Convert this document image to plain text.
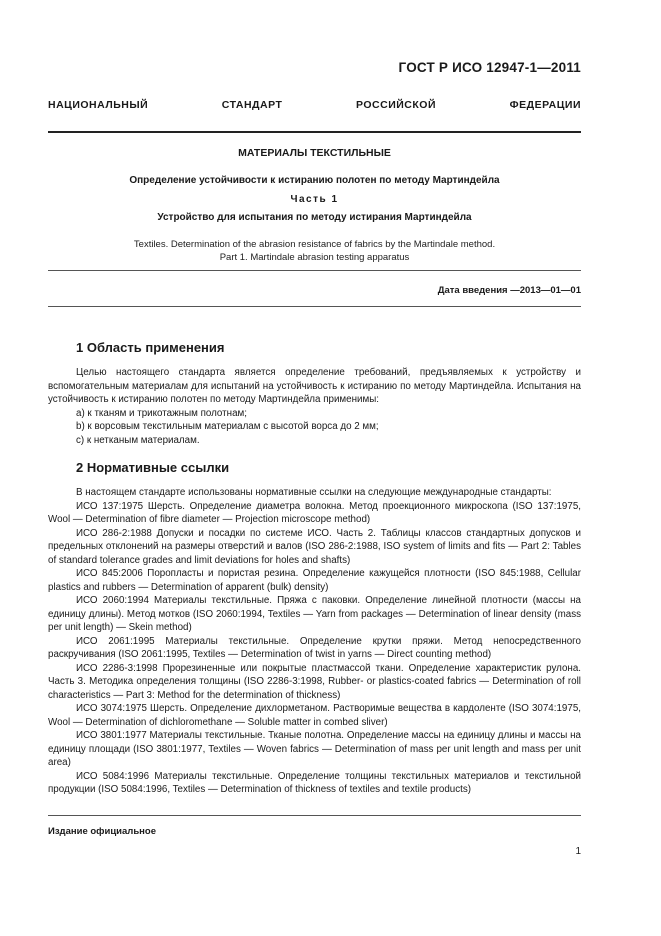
ГОСТ Р ИСО 12947-1—2011
НАЦИОНАЛЬНЫЙ СТАНДАРТ РОССИЙСКОЙ ФЕДЕРАЦИИ
МАТЕРИАЛЫ ТЕКСТИЛЬНЫЕ
Определение устойчивости к истиранию полотен по методу Мартиндейла
Часть 1
Устройство для испытания по методу истирания Мартиндейла
Textiles. Determination of the abrasion resistance of fabrics by the Martindale method.
Part 1. Martindale abrasion testing apparatus
Дата введения —2013—01—01
1 Область применения

Целью настоящего стандарта является определение требований, предъявляемых к устройству и вспомогательным материалам для испытаний на устойчивость к истиранию по методу Мартиндейла. Испытания на устойчивость к истиранию полотен по методу Мартиндейла применимы:

а) к тканям и трикотажным полотнам;

b) к ворсовым текстильным материалам с высотой ворса до 2 мм;

с) к нетканым материалам.

2 Нормативные ссылки

В настоящем стандарте использованы нормативные ссылки на следующие международные стандарты:

ИСО 137:1975 Шерсть. Определение диаметра волокна. Метод проекционного микроскопа (ISO 137:1975, Wool — Determination of fibre diameter — Projection microscope method)

ИСО 286-2:1988 Допуски и посадки по системе ИСО. Часть 2. Таблицы классов стандартных допусков и предельных отклонений на размеры отверстий и валов (ISO 286-2:1988, ISO system of limits and fits — Part 2: Tables of standard tolerance grades and limit deviations for holes and shafts)

ИСО 845:2006 Поропласты и пористая резина. Определение кажущейся плотности (ISO 845:1988, Cellular plastics and rubbers — Determination of apparent (bulk) density)

ИСО 2060:1994 Материалы текстильные. Пряжа с паковки. Определение линейной плотности (массы на единицу длины). Метод мотков (ISO 2060:1994, Textiles — Yarn from packages — Determination of linear density (mass per unit length) — Skein method)

ИСО 2061:1995 Материалы текстильные. Определение крутки пряжи. Метод непосредственного раскручивания (ISO 2061:1995, Textiles — Determination of twist in yarns — Direct counting method)

ИСО 2286-3:1998 Прорезиненные или покрытые пластмассой ткани. Определение характеристик рулона. Часть 3. Методика определения толщины (ISO 2286-3:1998, Rubber- or plastics-coated fabrics — Determination of roll characteristics — Part 3: Method for the determination of thickness)

ИСО 3074:1975 Шерсть. Определение дихлорметаном. Растворимые вещества в кардоленте (ISO 3074:1975, Wool — Determination of dichloromethane — Soluble matter in combed sliver)

ИСО 3801:1977 Материалы текстильные. Тканые полотна. Определение массы на единицу длины и массы на единицу площади (ISO 3801:1977, Textiles — Woven fabrics — Determination of mass per unit length and mass per unit area)

ИСО 5084:1996 Материалы текстильные. Определение толщины текстильных материалов и текстильной продукции (ISO 5084:1996, Textiles — Determination of thickness of textiles and textile products)

Издание официальное
1
